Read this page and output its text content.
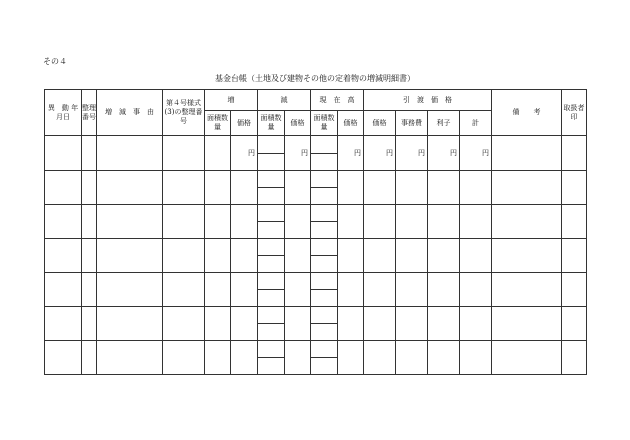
その４
基金台帳（土地及び建物その他の定着物の増減明細書）
異　動 年月日	整理番号	増　減　事　由	第４号様式(3)の整理番号	増		減		現　在　高		引　渡　価　格				備　　考	取扱者印
				面積数量	価格	面積数量	価格	面積数量	価格	価格	事務費	利子	計		
					円		円		円	円	円	円	円		
